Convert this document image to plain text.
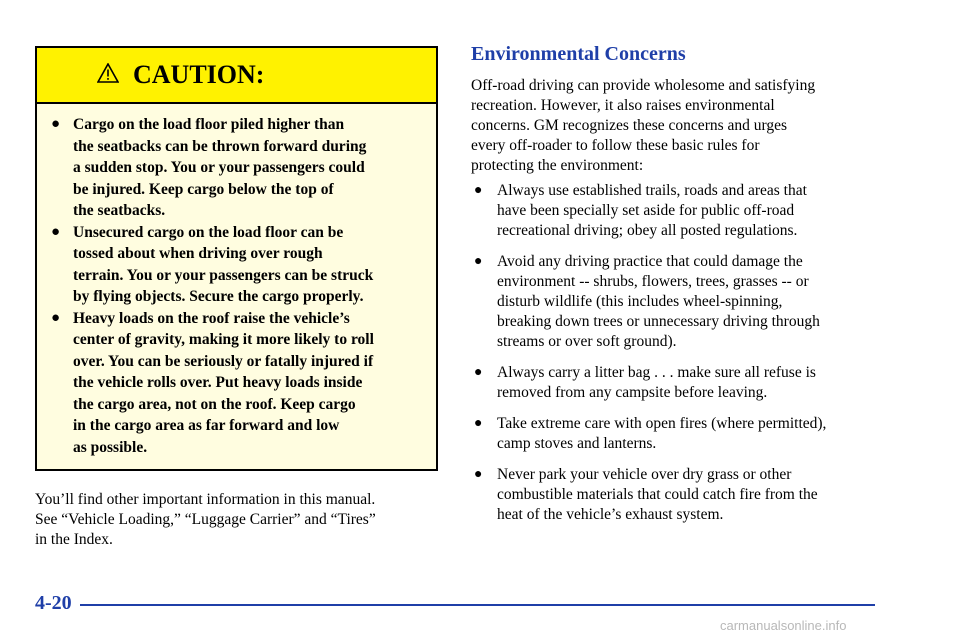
CAUTION:
● Cargo on the load floor piled higher than
the seatbacks can be thrown forward during
a sudden stop. You or your passengers could
be injured. Keep cargo below the top of
the seatbacks.
● Unsecured cargo on the load floor can be
tossed about when driving over rough
terrain. You or your passengers can be struck
by flying objects. Secure the cargo properly.
● Heavy loads on the roof raise the vehicle’s
center of gravity, making it more likely to roll
over. You can be seriously or fatally injured if
the vehicle rolls over. Put heavy loads inside
the cargo area, not on the roof. Keep cargo
in the cargo area as far forward and low
as possible.
You’ll find other important information in this manual.
See “Vehicle Loading,” “Luggage Carrier” and “Tires”
in the Index.
Environmental Concerns
Off‐road driving can provide wholesome and satisfying
recreation. However, it also raises environmental
concerns. GM recognizes these concerns and urges
every off‐roader to follow these basic rules for
protecting the environment:
● Always use established trails, roads and areas that
have been specially set aside for public off‐road
recreational driving; obey all posted regulations.
● Avoid any driving practice that could damage the
environment -- shrubs, flowers, trees, grasses -- or
disturb wildlife (this includes wheel‐spinning,
breaking down trees or unnecessary driving through
streams or over soft ground).
● Always carry a litter bag . . . make sure all refuse is
removed from any campsite before leaving.
● Take extreme care with open fires (where permitted),
camp stoves and lanterns.
● Never park your vehicle over dry grass or other
combustible materials that could catch fire from the
heat of the vehicle’s exhaust system.
4-20
carmanualsonline.info
